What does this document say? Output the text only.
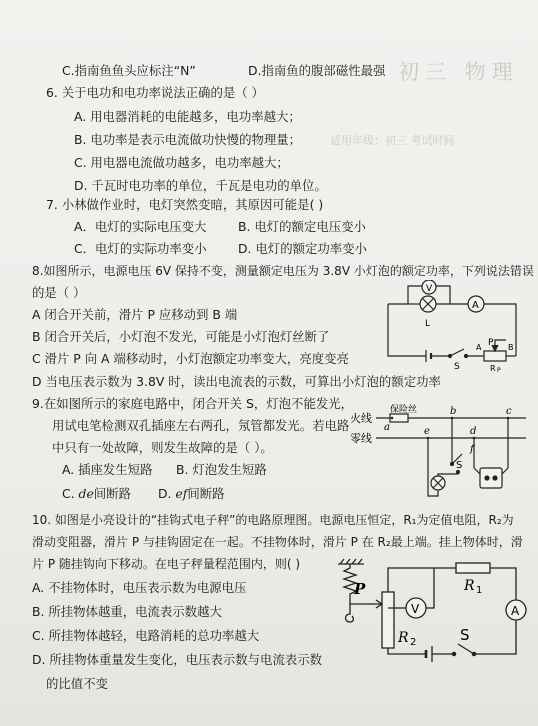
初三 物理
适用年级：初三 考试时间
C.指南鱼鱼头应标注“N”	D.指南鱼的腹部磁性最强
6. 关于电功和电功率说法正确的是（ ）
A. 用电器消耗的电能越多，电功率越大；
B. 电功率是表示电流做功快慢的物理量；
C. 用电器电流做功越多，电功率越大；
D. 千瓦时电功率的单位，千瓦是电功的单位。
7. 小林做作业时，电灯突然变暗，其原因可能是( )
A．电灯的实际电压变大	B. 电灯的额定电压变小
C．电灯的实际功率变小	D. 电灯的额定功率变小
8.如图所示，电源电压 6V 保持不变，测量额定电压为 3.8V 小灯泡的额定功率，下列说法错误
的是（ ）
A 闭合开关前，滑片 P 应移动到 B 端
B 闭合开关后，小灯泡不发光，可能是小灯泡灯丝断了
C 滑片 P 向 A 端移动时，小灯泡额定功率变大，亮度变亮
D 当电压表示数为 3.8V 时，读出电流表的示数，可算出小灯泡的额定功率
V
A
L
S
P
A	B
R P
9.在如图所示的家庭电路中，闭合开关 S，灯泡不能发光，
用试电笔检测双孔插座左右两孔，氖管都发光。若电路
中只有一处故障，则发生故障的是（ ）。
A. 插座发生短路 B. 灯泡发生短路
C. de间断路 D. ef间断路
火线
零线
保险丝
a
b	c
d
e
f
S
10. 如图是小亮设计的“挂钩式电子秤”的电路原理图。电源电压恒定，R₁为定值电阻，R₂为
滑动变阻器，滑片 P 与挂钩固定在一起。不挂物体时，滑片 P 在 R₂最上端。挂上物体时，滑
片 P 随挂钩向下移动。在电子秤量程范围内，则( )
A. 不挂物体时，电压表示数为电源电压
B. 所挂物体越重，电流表示数越大
C. 所挂物体越轻，电路消耗的总功率越大
D. 所挂物体重量发生变化，电压表示数与电流表示数
的比值不变
P	R 1
R 2
V	A
S
